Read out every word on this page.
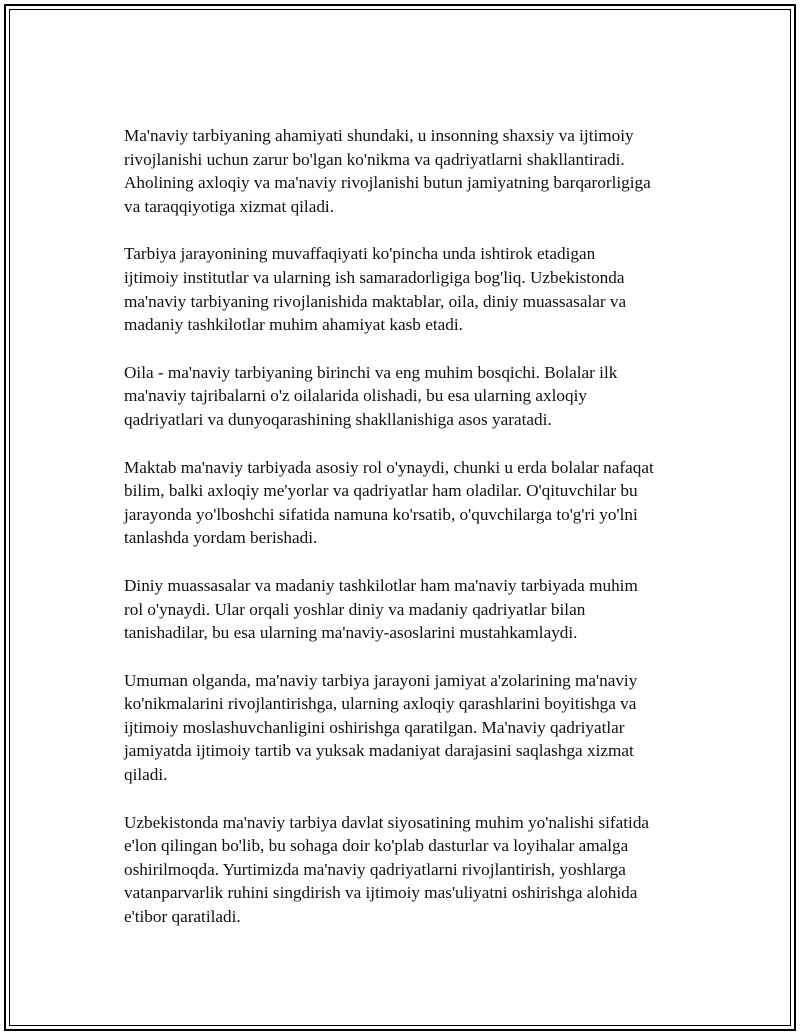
Ma'naviy tarbiyaning ahamiyati shundaki, u insonning shaxsiy va ijtimoiy
rivojlanishi uchun zarur bo'lgan ko'nikma va qadriyatlarni shakllantiradi.
Aholining axloqiy va ma'naviy rivojlanishi butun jamiyatning barqarorligiga
va taraqqiyotiga xizmat qiladi.

Tarbiya jarayonining muvaffaqiyati ko'pincha unda ishtirok etadigan
ijtimoiy institutlar va ularning ish samaradorligiga bog'liq. Uzbekistonda
ma'naviy tarbiyaning rivojlanishida maktablar, oila, diniy muassasalar va
madaniy tashkilotlar muhim ahamiyat kasb etadi.

Oila - ma'naviy tarbiyaning birinchi va eng muhim bosqichi. Bolalar ilk
ma'naviy tajribalarni o'z oilalarida olishadi, bu esa ularning axloqiy
qadriyatlari va dunyoqarashining shakllanishiga asos yaratadi.

Maktab ma'naviy tarbiyada asosiy rol o'ynaydi, chunki u erda bolalar nafaqat
bilim, balki axloqiy me'yorlar va qadriyatlar ham oladilar. O'qituvchilar bu
jarayonda yo'lboshchi sifatida namuna ko'rsatib, o'quvchilarga to'g'ri yo'lni
tanlashda yordam berishadi.

Diniy muassasalar va madaniy tashkilotlar ham ma'naviy tarbiyada muhim
rol o'ynaydi. Ular orqali yoshlar diniy va madaniy qadriyatlar bilan
tanishadilar, bu esa ularning ma'naviy-asoslarini mustahkamlaydi.

Umuman olganda, ma'naviy tarbiya jarayoni jamiyat a'zolarining ma'naviy
ko'nikmalarini rivojlantirishga, ularning axloqiy qarashlarini boyitishga va
ijtimoiy moslashuvchanligini oshirishga qaratilgan. Ma'naviy qadriyatlar
jamiyatda ijtimoiy tartib va yuksak madaniyat darajasini saqlashga xizmat
qiladi.

Uzbekistonda ma'naviy tarbiya davlat siyosatining muhim yo'nalishi sifatida
e'lon qilingan bo'lib, bu sohaga doir ko'plab dasturlar va loyihalar amalga
oshirilmoqda. Yurtimizda ma'naviy qadriyatlarni rivojlantirish, yoshlarga
vatanparvarlik ruhini singdirish va ijtimoiy mas'uliyatni oshirishga alohida
e'tibor qaratiladi.
